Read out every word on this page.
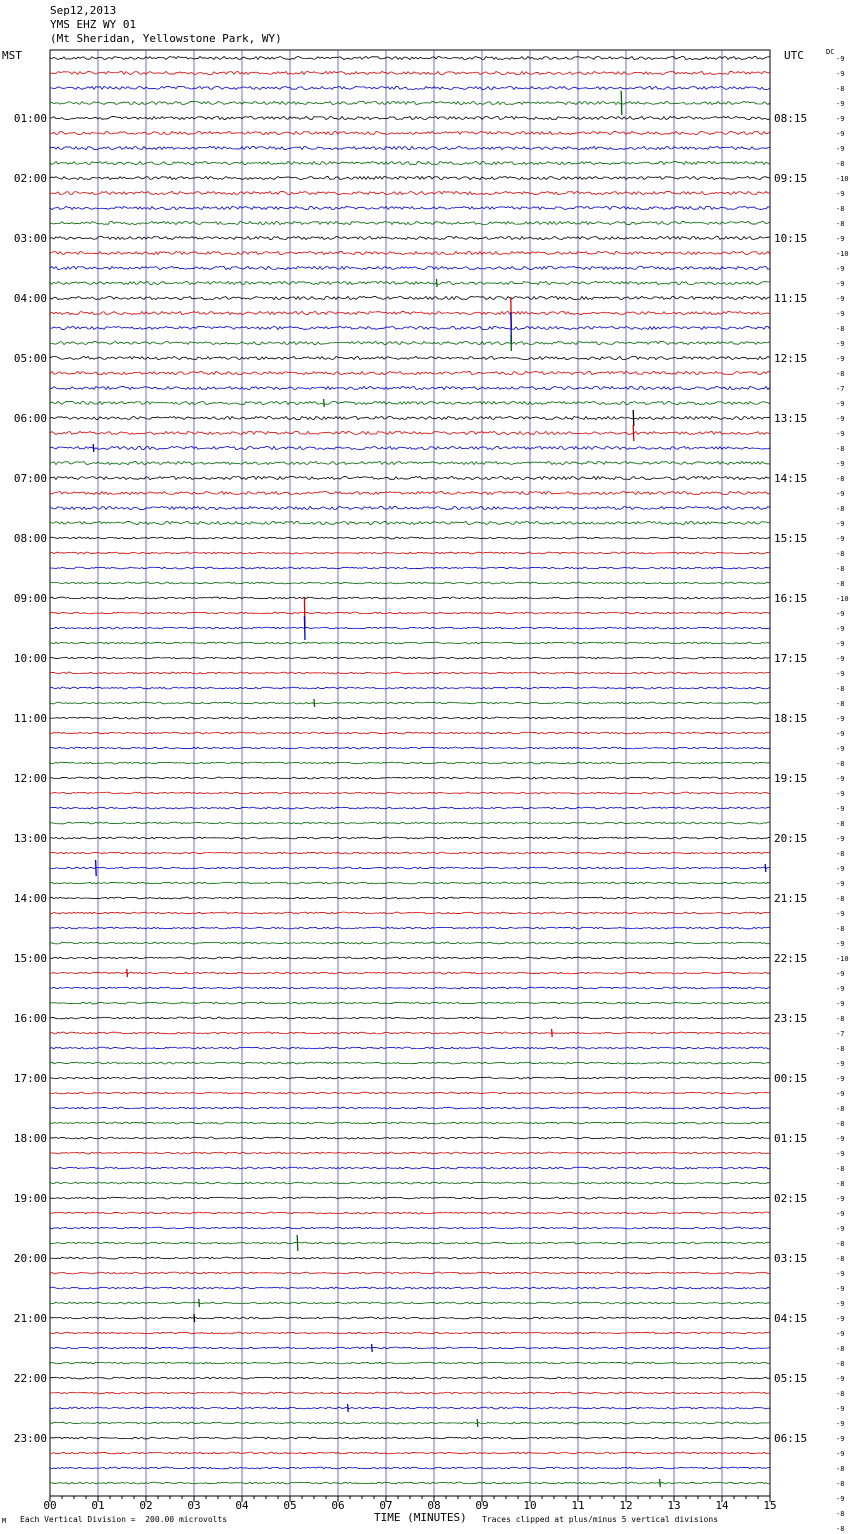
Sep12,2013
YMS EHZ WY 01
(Mt Sheridan, Yellowstone Park, WY)
MST	UTC	DC
01:00
02:00
03:00
04:00
05:00
06:00
07:00
08:00
09:00
10:00
11:00
12:00
13:00
14:00
15:00
16:00
17:00
18:00
19:00
20:00
21:00
22:00
23:00
08:15
09:15
10:15
11:15
12:15
13:15
14:15
15:15
16:15
17:15
18:15
19:15
20:15
21:15
22:15
23:15
00:15
01:15
02:15
03:15
04:15
05:15
06:15
-9
-9
-8
-9
-9
-9
-9
-8
-10
-9
-8
-8
-9
-10
-9
-9
-9
-9
-8
-9
-9
-8
-7
-9
-9
-9
-8
-9
-8
-9
-8
-9
-9
-8
-8
-8
-10
-9
-9
-9
-9
-9
-8
-8
-9
-9
-9
-8
-9
-9
-9
-8
-9
-8
-9
-9
-8
-9
-8
-9
-10
-9
-9
-9
-8
-7
-8
-9
-9
-9
-8
-8
-9
-9
-8
-8
-9
-9
-9
-8
-8
-9
-9
-9
-9
-9
-8
-8
-9
-8
-9
-9
-9
-9
-8
-8
-9
-8
-8
00	01	02	03	04	05	06	07	08	09	10	11	12	13	14	15
M Each Vertical Division =  200.00 microvolts	TIME (MINUTES) Traces clipped at plus/minus 5 vertical divisions
